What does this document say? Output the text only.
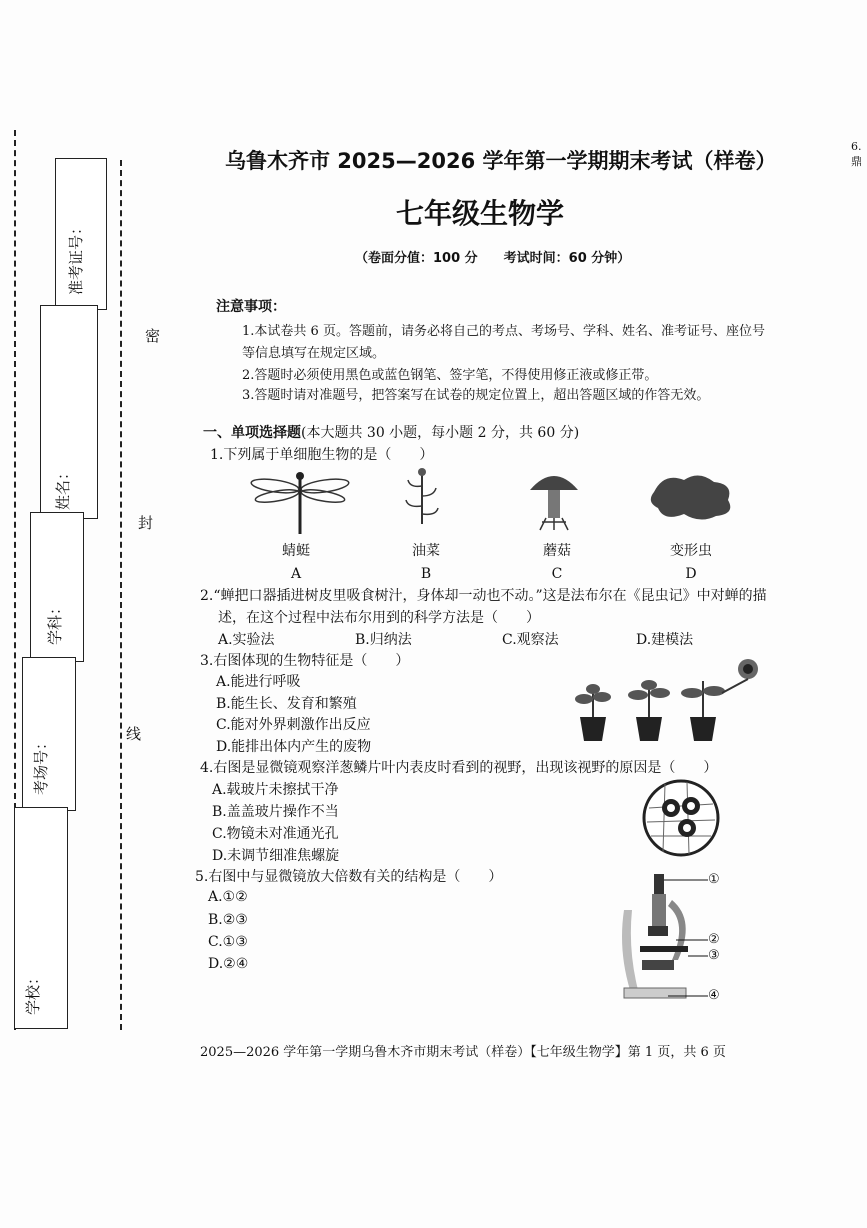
准考证号：
姓名：
学科：
考场号：
学校：
密
封
线
乌鲁木齐市 2025—2026 学年第一学期期末考试（样卷）
七年级生物学
（卷面分值：100 分　　考试时间：60 分钟）
6.鼎
注意事项：
1.本试卷共 6 页。答题前，请务必将自己的考点、考场号、学科、姓名、准考证号、座位号
等信息填写在规定区域。
2.答题时必须使用黑色或蓝色钢笔、签字笔，不得使用修正液或修正带。
3.答题时请对准题号，把答案写在试卷的规定位置上，超出答题区域的作答无效。
一、单项选择题(本大题共 30 小题，每小题 2 分，共 60 分)
1.下列属于单细胞生物的是（　　）
蜻蜓	油菜	蘑菇	变形虫
A	B	C	D
2.“蝉把口器插进树皮里吸食树汁，身体却一动也不动。”这是法布尔在《昆虫记》中对蝉的描
述，在这个过程中法布尔用到的科学方法是（　　）
A.实验法	B.归纳法	C.观察法	D.建模法
3.右图体现的生物特征是（　　）
A.能进行呼吸
B.能生长、发育和繁殖
C.能对外界刺激作出反应
D.能排出体内产生的废物
4.右图是显微镜观察洋葱鳞片叶内表皮时看到的视野，出现该视野的原因是（　　）
A.载玻片未擦拭干净
B.盖盖玻片操作不当
C.物镜未对准通光孔
D.未调节细准焦螺旋
5.右图中与显微镜放大倍数有关的结构是（　　）
A.①②
B.②③
C.①③
D.②④
①
②
③
④
2025—2026 学年第一学期乌鲁木齐市期末考试（样卷）【七年级生物学】第 1 页，共 6 页
